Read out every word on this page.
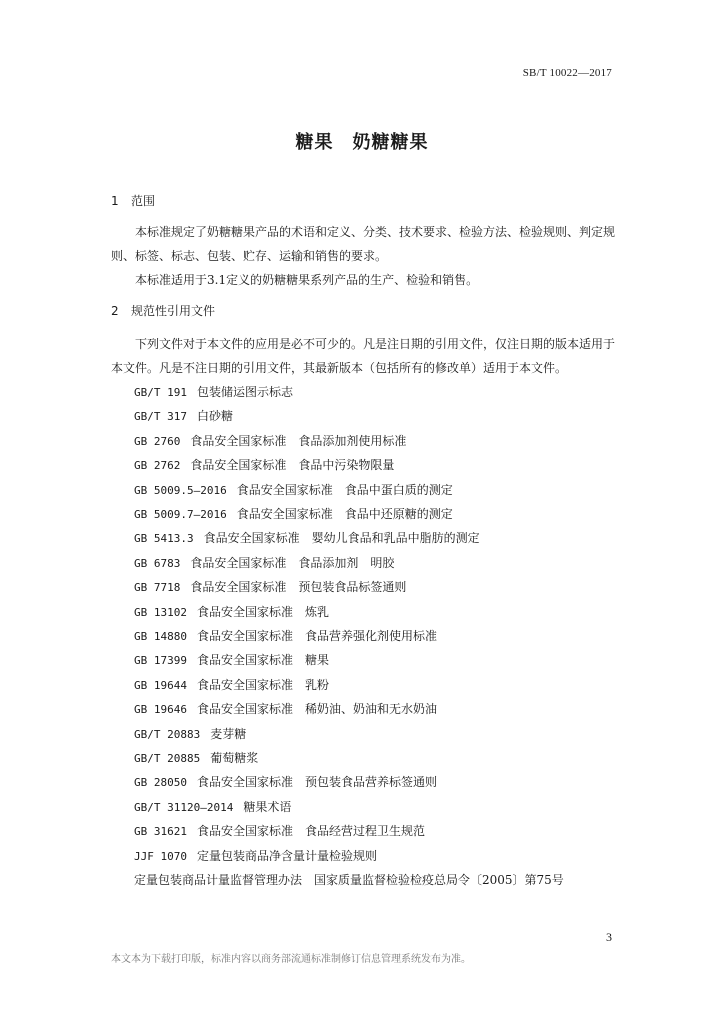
SB/T 10022—2017
糖果　奶糖糖果
1 范围
本标准规定了奶糖糖果产品的术语和定义、分类、技术要求、检验方法、检验规则、判定规则、标签、标志、包装、贮存、运输和销售的要求。
本标准适用于3.1定义的奶糖糖果系列产品的生产、检验和销售。
2 规范性引用文件
下列文件对于本文件的应用是必不可少的。凡是注日期的引用文件，仅注日期的版本适用于本文件。凡是不注日期的引用文件，其最新版本（包括所有的修改单）适用于本文件。
GB/T 191 包装储运图示标志
GB/T 317 白砂糖
GB 2760 食品安全国家标准　食品添加剂使用标准
GB 2762 食品安全国家标准　食品中污染物限量
GB 5009.5—2016 食品安全国家标准　食品中蛋白质的测定
GB 5009.7—2016 食品安全国家标准　食品中还原糖的测定
GB 5413.3 食品安全国家标准　婴幼儿食品和乳品中脂肪的测定
GB 6783 食品安全国家标准　食品添加剂　明胶
GB 7718 食品安全国家标准　预包装食品标签通则
GB 13102 食品安全国家标准　炼乳
GB 14880 食品安全国家标准　食品营养强化剂使用标准
GB 17399 食品安全国家标准　糖果
GB 19644 食品安全国家标准　乳粉
GB 19646 食品安全国家标准　稀奶油、奶油和无水奶油
GB/T 20883 麦芽糖
GB/T 20885 葡萄糖浆
GB 28050 食品安全国家标准　预包装食品营养标签通则
GB/T 31120—2014 糖果术语
GB 31621 食品安全国家标准　食品经营过程卫生规范
JJF 1070 定量包装商品净含量计量检验规则
定量包装商品计量监督管理办法　国家质量监督检验检疫总局令〔2005〕第75号
3
本文本为下载打印版，标准内容以商务部流通标准制修订信息管理系统发布为准。
